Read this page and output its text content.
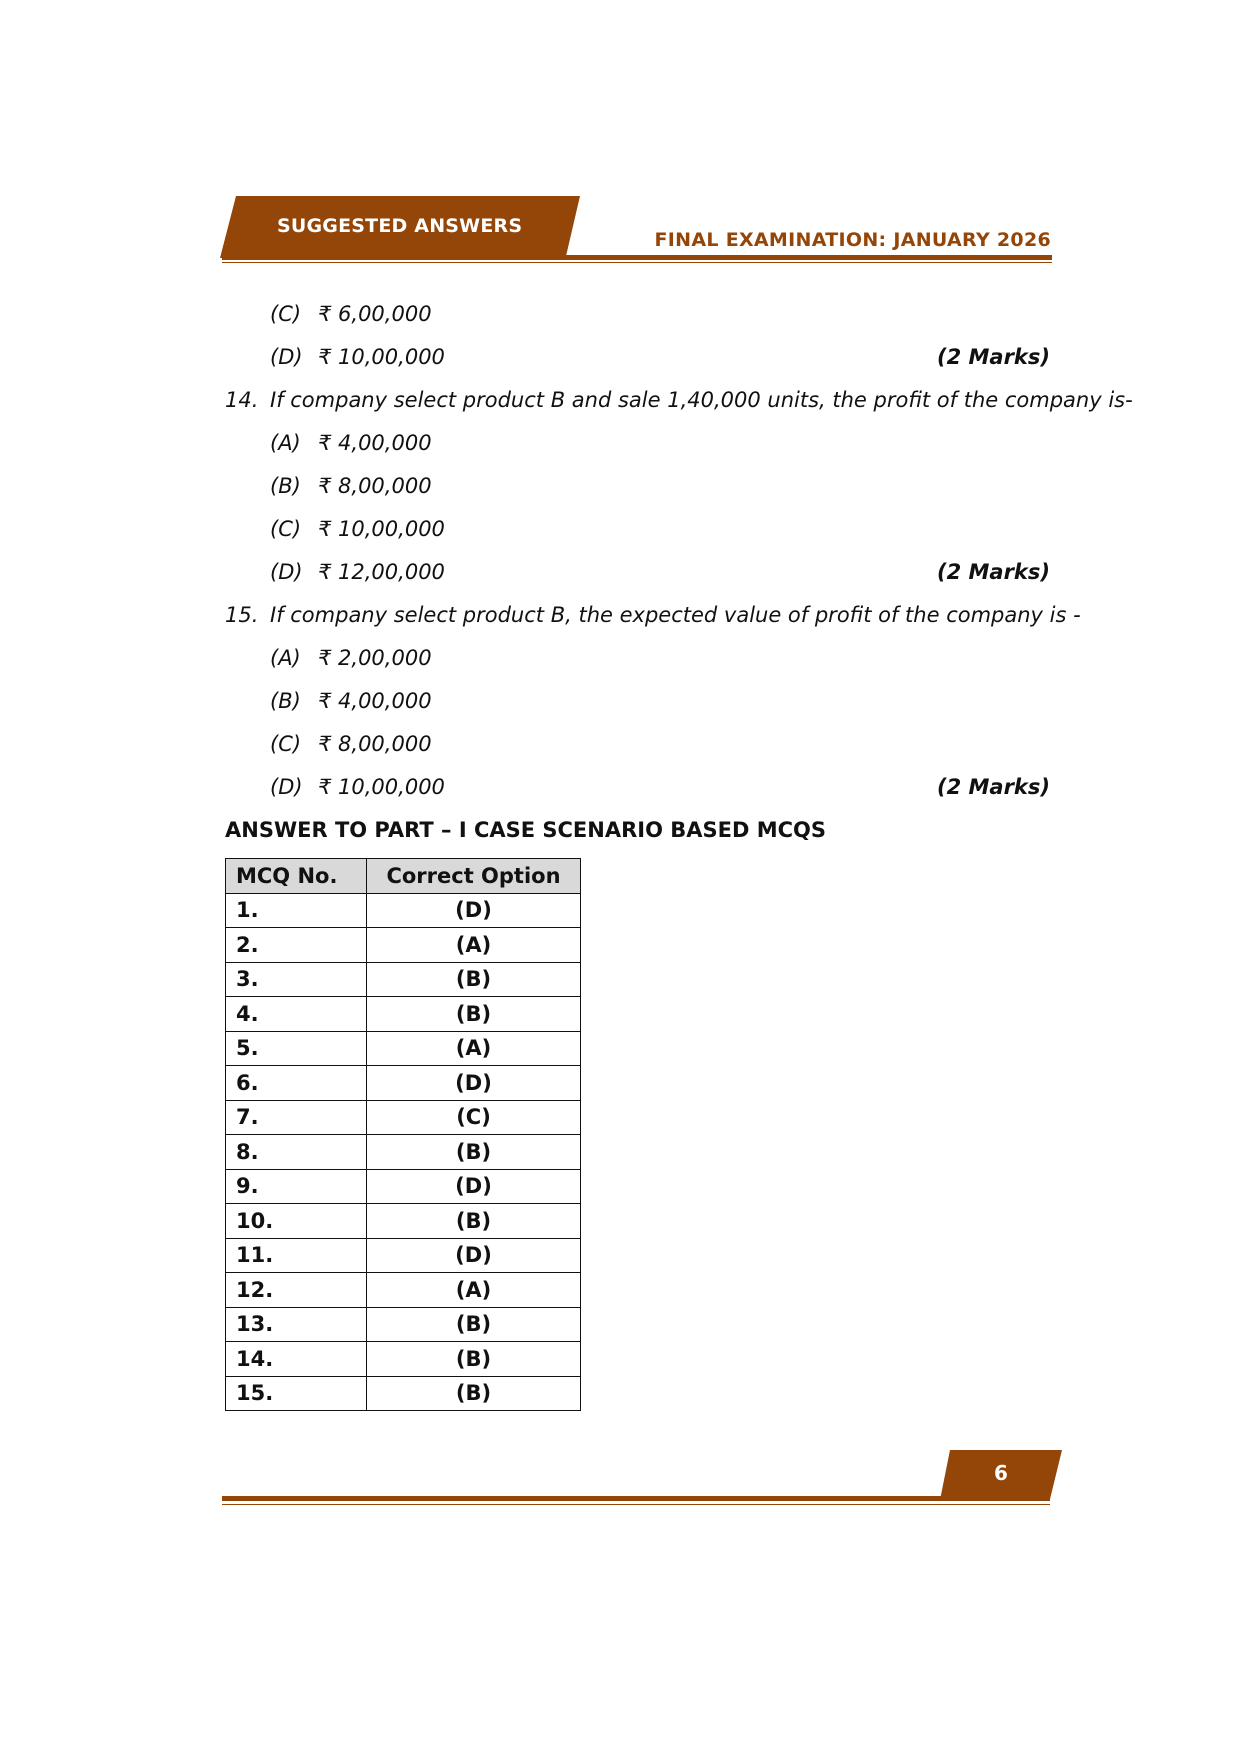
SUGGESTED ANSWERS
FINAL EXAMINATION: JANUARY 2026
(C) ₹ 6,00,000
(D) ₹ 10,00,000	(2 Marks)
14. If company select product B and sale 1,40,000 units, the profit of the company is-
(A) ₹ 4,00,000
(B) ₹ 8,00,000
(C) ₹ 10,00,000
(D) ₹ 12,00,000	(2 Marks)
15. If company select product B, the expected value of profit of the company is -
(A) ₹ 2,00,000
(B) ₹ 4,00,000
(C) ₹ 8,00,000
(D) ₹ 10,00,000	(2 Marks)
ANSWER TO PART – I CASE SCENARIO BASED MCQS
MCQ No.	Correct Option
1.	(D)
2.	(A)
3.	(B)
4.	(B)
5.	(A)
6.	(D)
7.	(C)
8.	(B)
9.	(D)
10.	(B)
11.	(D)
12.	(A)
13.	(B)
14.	(B)
15.	(B)
6
